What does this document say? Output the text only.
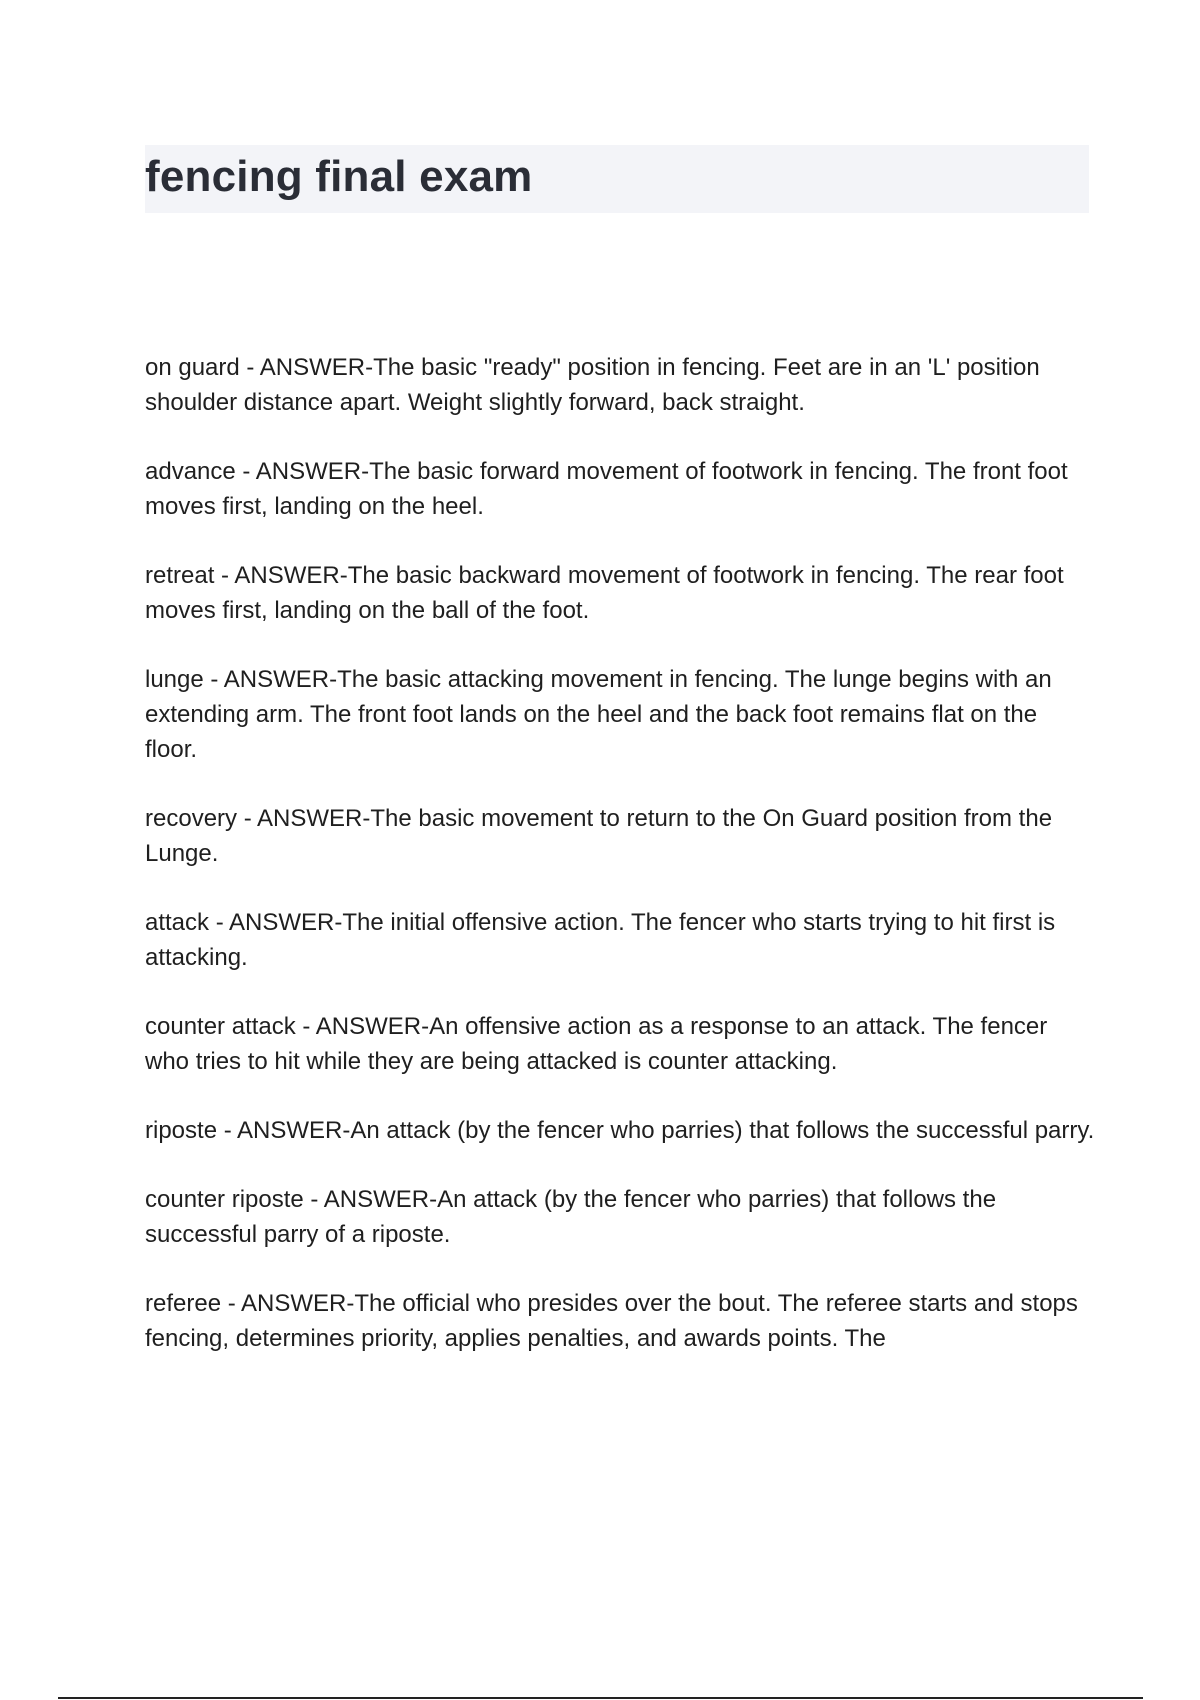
fencing final exam

on guard - ANSWER-The basic "ready" position in fencing. Feet are in an 'L' position shoulder distance apart. Weight slightly forward, back straight.

advance - ANSWER-The basic forward movement of footwork in fencing. The front foot moves first, landing on the heel.

retreat - ANSWER-The basic backward movement of footwork in fencing. The rear foot moves first, landing on the ball of the foot.

lunge - ANSWER-The basic attacking movement in fencing. The lunge begins with an extending arm. The front foot lands on the heel and the back foot remains flat on the floor.

recovery - ANSWER-The basic movement to return to the On Guard position from the Lunge.

attack - ANSWER-The initial offensive action. The fencer who starts trying to hit first is attacking.

counter attack - ANSWER-An offensive action as a response to an attack. The fencer who tries to hit while they are being attacked is counter attacking.

riposte - ANSWER-An attack (by the fencer who parries) that follows the successful parry.

counter riposte - ANSWER-An attack (by the fencer who parries) that follows the successful parry of a riposte.

referee - ANSWER-The official who presides over the bout. The referee starts and stops fencing, determines priority, applies penalties, and awards points. The
